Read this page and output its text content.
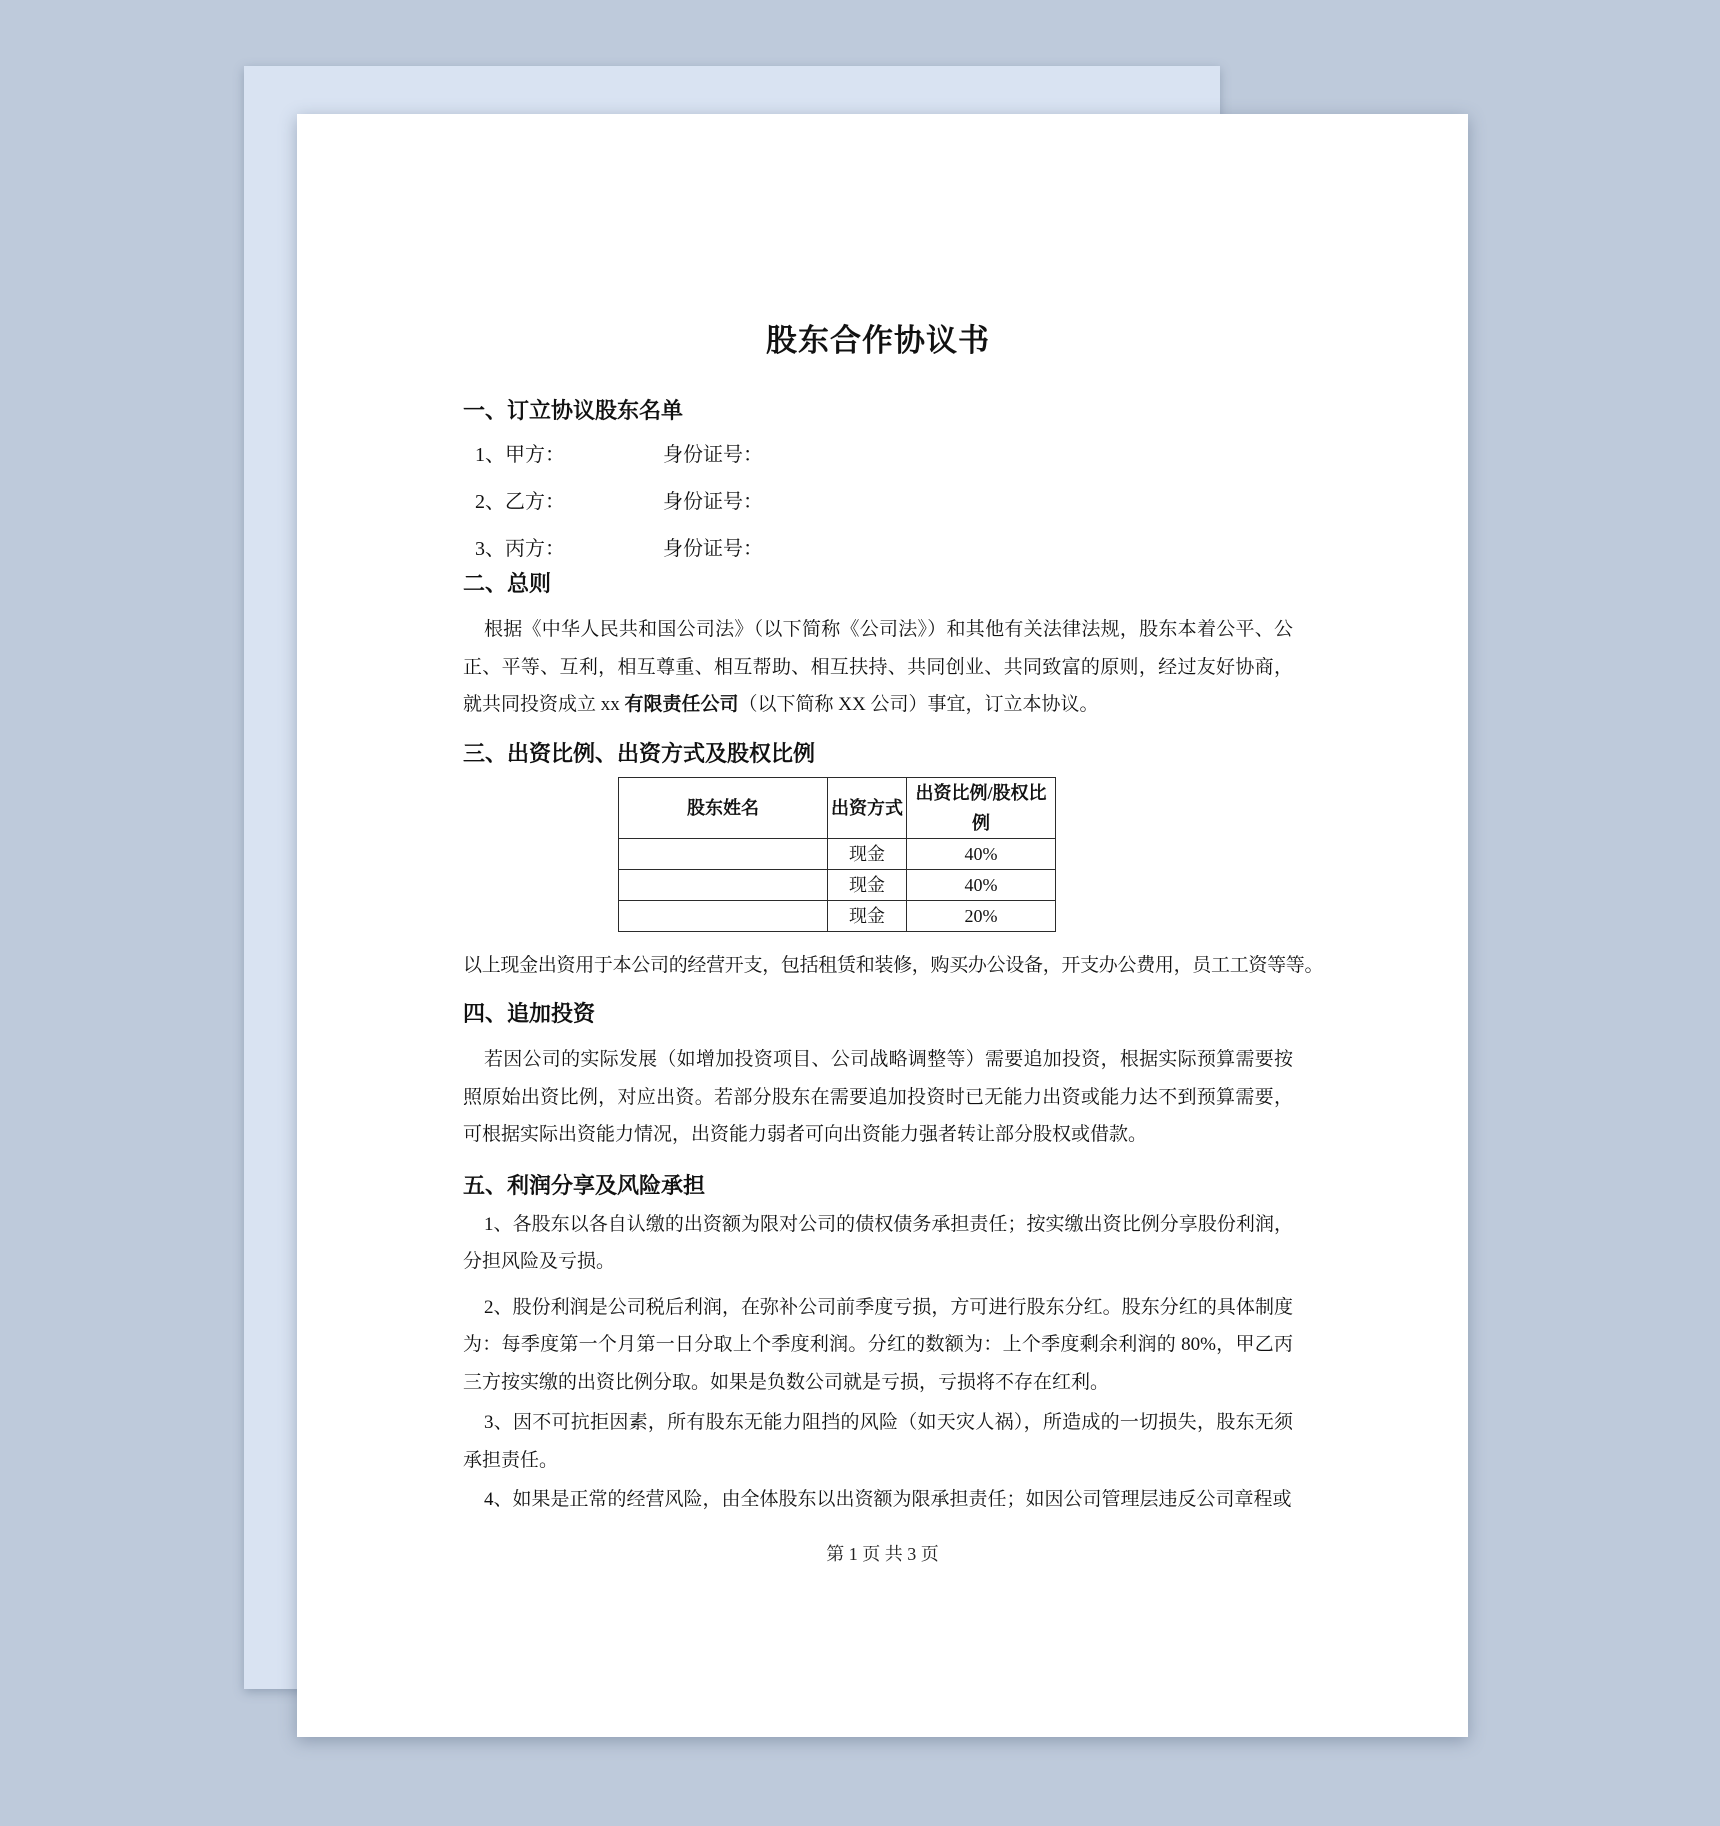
股东合作协议书
一、订立协议股东名单
1、甲方：	身份证号：
2、乙方：	身份证号：
3、丙方：	身份证号：
二、总则

根据《中华人民共和国公司法》（以下简称《公司法》）和其他有关法律法规，股东本着公平、公正、平等、互利，相互尊重、相互帮助、相互扶持、共同创业、共同致富的原则，经过友好协商，就共同投资成立 xx 有限责任公司（以下简称 XX 公司）事宜，订立本协议。

三、出资比例、出资方式及股权比例
股东姓名	出资方式	出资比例/股权比例
	现金	40%
	现金	40%
	现金	20%

以上现金出资用于本公司的经营开支，包括租赁和装修，购买办公设备，开支办公费用，员工工资等等。

四、追加投资

若因公司的实际发展（如增加投资项目、公司战略调整等）需要追加投资，根据实际预算需要按照原始出资比例，对应出资。若部分股东在需要追加投资时已无能力出资或能力达不到预算需要，可根据实际出资能力情况，出资能力弱者可向出资能力强者转让部分股权或借款。

五、利润分享及风险承担

1、各股东以各自认缴的出资额为限对公司的债权债务承担责任；按实缴出资比例分享股份利润，分担风险及亏损。

2、股份利润是公司税后利润，在弥补公司前季度亏损，方可进行股东分红。股东分红的具体制度为：每季度第一个月第一日分取上个季度利润。分红的数额为：上个季度剩余利润的 80%，甲乙丙三方按实缴的出资比例分取。如果是负数公司就是亏损，亏损将不存在红利。

3、因不可抗拒因素，所有股东无能力阻挡的风险（如天灾人祸），所造成的一切损失，股东无须承担责任。

4、如果是正常的经营风险，由全体股东以出资额为限承担责任；如因公司管理层违反公司章程或

第 1 页 共 3 页
